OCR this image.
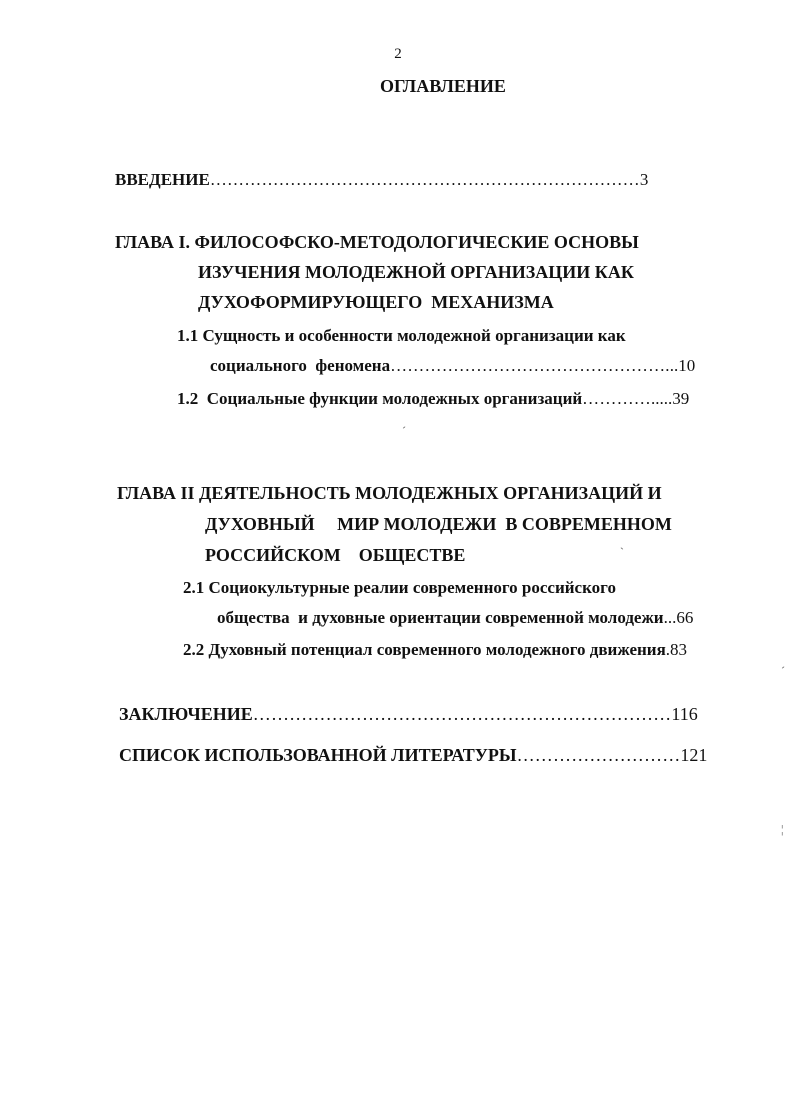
2
ОГЛАВЛЕНИЕ
ВВЕДЕНИЕ…………………………………………………………………3
ГЛАВА I. ФИЛОСОФСКО-МЕТОДОЛОГИЧЕСКИЕ ОСНОВЫ
ИЗУЧЕНИЯ МОЛОДЕЖНОЙ ОРГАНИЗАЦИИ КАК
ДУХОФОРМИРУЮЩЕГО  МЕХАНИЗМА
1.1 Сущность и особенности молодежной организации как
социального  феномена…………………………………………...10
1.2  Социальные функции молодежных организаций………….....39
ГЛАВА II ДЕЯТЕЛЬНОСТЬ МОЛОДЕЖНЫХ ОРГАНИЗАЦИЙ И
ДУХОВНЫЙ     МИР МОЛОДЕЖИ  В СОВРЕМЕННОМ
РОССИЙСКОМ    ОБЩЕСТВЕ
2.1 Социокультурные реалии современного российского
общества  и духовные ориентации современной молодежи...66
2.2 Духовный потенциал современного молодежного движения.83
ЗАКЛЮЧЕНИЕ……………………………………………………………116
СПИСОК ИСПОЛЬЗОВАННОЙ ЛИТЕРАТУРЫ………………………121
´
`
´
¦
